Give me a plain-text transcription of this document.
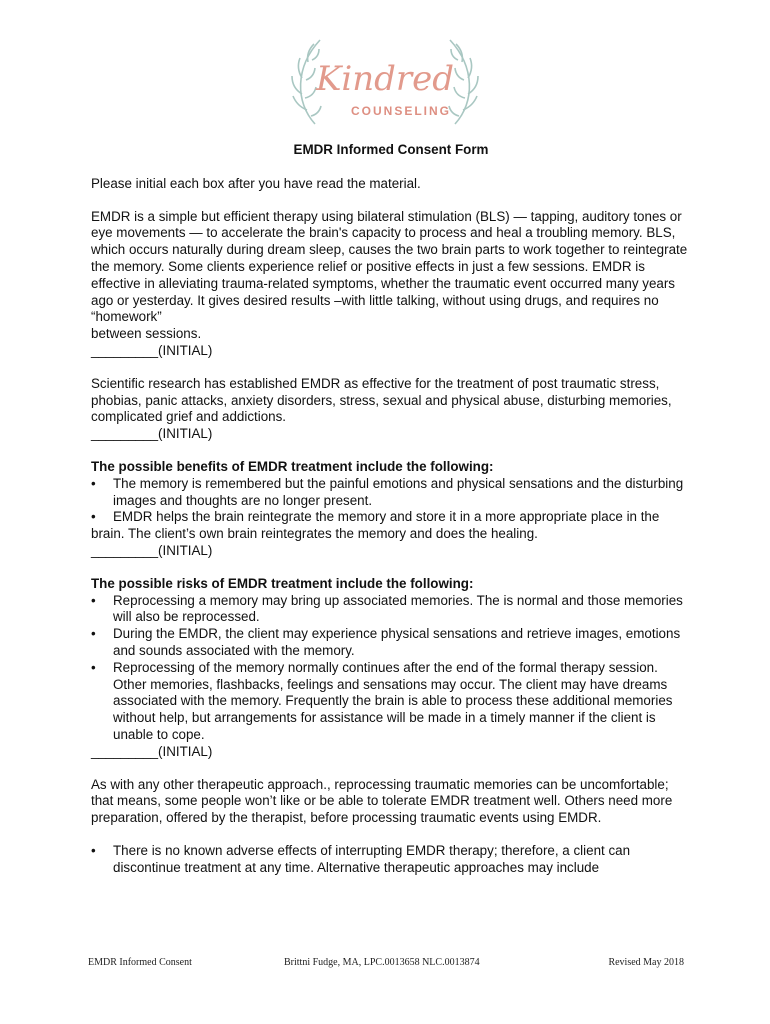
Kindred
COUNSELING

EMDR Informed Consent Form

Please initial each box after you have read the material.

EMDR is a simple but efficient therapy using bilateral stimulation (BLS) — tapping, auditory tones or eye movements — to accelerate the brain's capacity to process and heal a troubling memory. BLS, which occurs naturally during dream sleep, causes the two brain parts to work together to reintegrate the memory. Some clients experience relief or positive effects in just a few sessions. EMDR is effective in alleviating trauma-related symptoms, whether the traumatic event occurred many years ago or yesterday. It gives desired results –with little talking, without using drugs, and requires no “homework”

between sessions.

_________(INITIAL)

Scientific research has established EMDR as effective for the treatment of post traumatic stress, phobias, panic attacks, anxiety disorders, stress, sexual and physical abuse, disturbing memories, complicated grief and addictions.

_________(INITIAL)

The possible benefits of EMDR treatment include the following:

• The memory is remembered but the painful emotions and physical sensations and the disturbing images and thoughts are no longer present.

• EMDR helps the brain reintegrate the memory and store it in a more appropriate place in the brain. The client’s own brain reintegrates the memory and does the healing.

_________(INITIAL)

The possible risks of EMDR treatment include the following:

• Reprocessing a memory may bring up associated memories. The is normal and those memories will also be reprocessed.
• During the EMDR, the client may experience physical sensations and retrieve images, emotions and sounds associated with the memory.
• Reprocessing of the memory normally continues after the end of the formal therapy session. Other memories, flashbacks, feelings and sensations may occur. The client may have dreams associated with the memory. Frequently the brain is able to process these additional memories without help, but arrangements for assistance will be made in a timely manner if the client is unable to cope.

_________(INITIAL)

As with any other therapeutic approach., reprocessing traumatic memories can be uncomfortable; that means, some people won’t like or be able to tolerate EMDR treatment well. Others need more preparation, offered by the therapist, before processing traumatic events using EMDR.

• There is no known adverse effects of interrupting EMDR therapy; therefore, a client can discontinue treatment at any time. Alternative therapeutic approaches may include
EMDR Informed Consent	Brittni Fudge, MA, LPC.0013658 NLC.0013874	Revised May 2018
